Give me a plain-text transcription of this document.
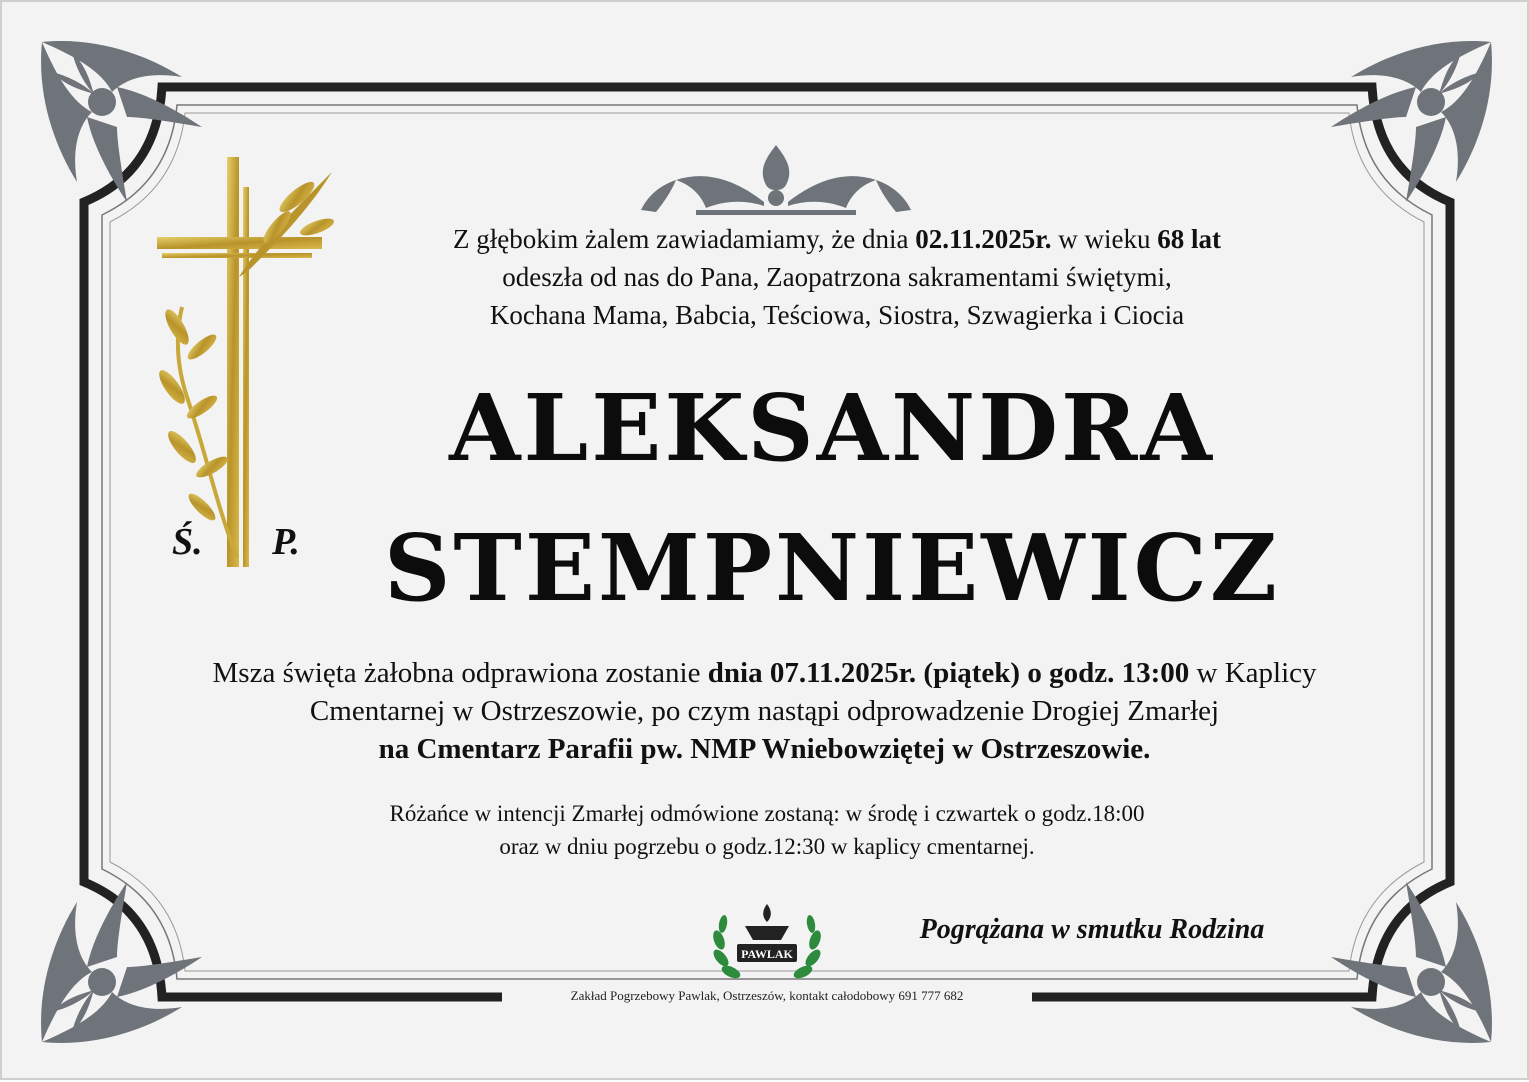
Ś. P.
Z głębokim żalem zawiadamiamy, że dnia 02.11.2025r. w wieku 68 lat
odeszła od nas do Pana, Zaopatrzona sakramentami świętymi,
Kochana Mama, Babcia, Teściowa, Siostra, Szwagierka i Ciocia
ALEKSANDRA
STEMPNIEWICZ
Msza święta żałobna odprawiona zostanie dnia 07.11.2025r. (piątek) o godz. 13:00 w Kaplicy
Cmentarnej w Ostrzeszowie, po czym nastąpi odprowadzenie Drogiej Zmarłej
na Cmentarz Parafii pw. NMP Wniebowziętej w Ostrzeszowie.
Różańce w intencji Zmarłej odmówione zostaną: w środę i czwartek o godz.18:00
oraz w dniu pogrzebu o godz.12:30 w kaplicy cmentarnej.
PAWLAK
Pogrążana w smutku Rodzina
Zakład Pogrzebowy Pawlak, Ostrzeszów, kontakt całodobowy 691 777 682
